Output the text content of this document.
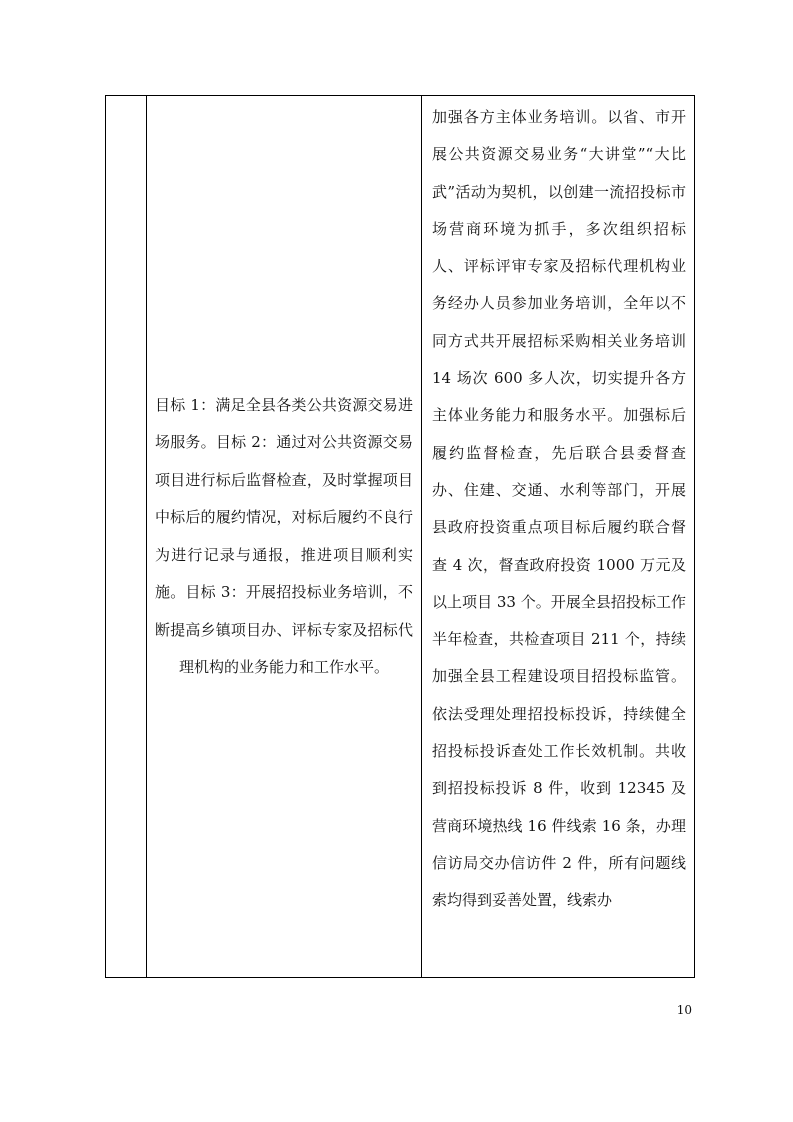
目标 1：满足全县各类公共资源交易进场服务。目标 2：通过对公共资源交易项目进行标后监督检查，及时掌握项目中标后的履约情况，对标后履约不良行为进行记录与通报，推进项目顺利实施。目标 3：开展招投标业务培训，不断提高乡镇项目办、评标专家及招标代理机构的业务能力和工作水平。

加强各方主体业务培训。以省、市开展公共资源交易业务“大讲堂”“大比武”活动为契机，以创建一流招投标市场营商环境为抓手，多次组织招标人、评标评审专家及招标代理机构业务经办人员参加业务培训，全年以不同方式共开展招标采购相关业务培训 14 场次 600 多人次，切实提升各方主体业务能力和服务水平。加强标后履约监督检查，先后联合县委督查办、住建、交通、水利等部门，开展县政府投资重点项目标后履约联合督查 4 次，督查政府投资 1000 万元及以上项目 33 个。开展全县招投标工作半年检查，共检查项目 211 个，持续加强全县工程建设项目招投标监管。依法受理处理招投标投诉，持续健全招投标投诉查处工作长效机制。共收到招投标投诉 8 件，收到 12345 及营商环境热线 16 件线索 16 条，办理信访局交办信访件 2 件，所有问题线索均得到妥善处置，线索办

10
